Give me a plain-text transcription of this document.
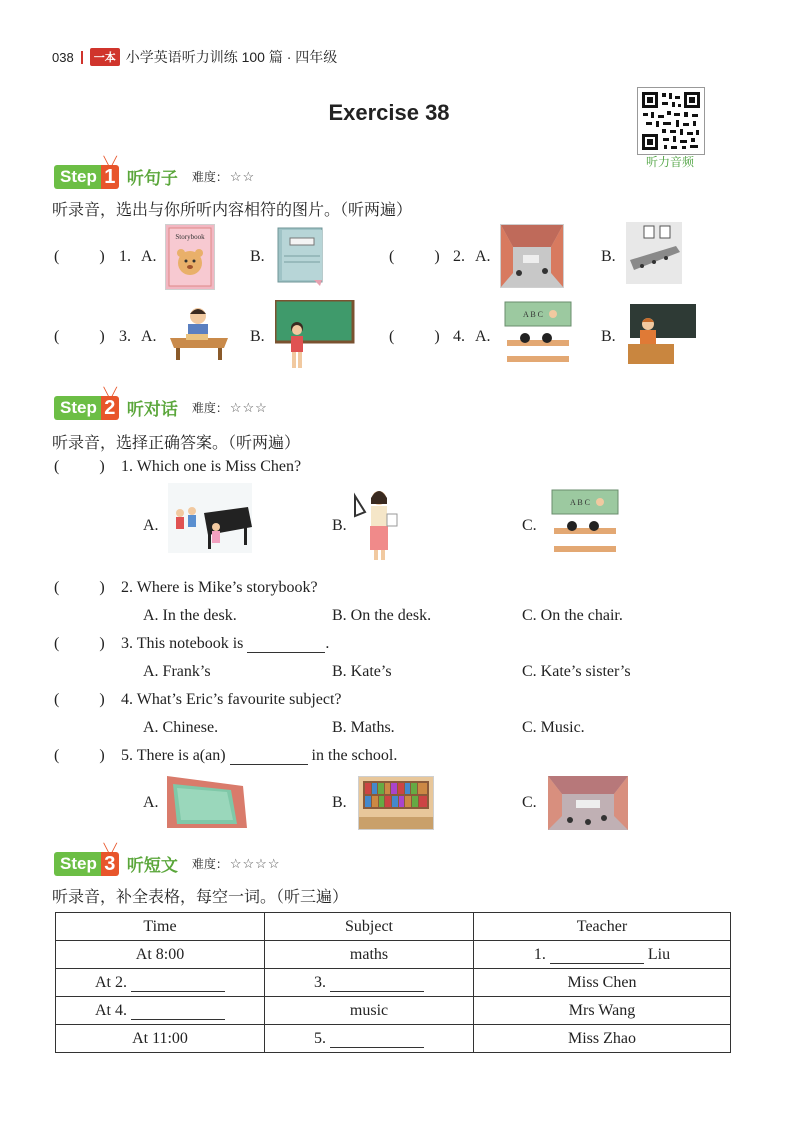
038	一本 小学英语听力训练 100 篇 · 四年级
Exercise 38
听力音频
Step 1
╲╱
听句子 难度： ☆☆
听录音，选出与你所听内容相符的图片。（听两遍）
(	) 1. A.
Storybook
B.	(	) 2. A.	B.
(	) 3. A.	B.	(	) 4. A.
A B C
B.
Step 2
╲╱
听对话 难度： ☆☆☆
听录音，选择正确答案。（听两遍）
(	) 1. Which one is Miss Chen?
A.	B.	C.
A B C
(	) 2. Where is Mike’s storybook?
A. In the desk.	B. On the desk.	C. On the chair.
(	) 3. This notebook is	.
A. Frank’s	B. Kate’s	C. Kate’s sister’s
(	) 4. What’s Eric’s favourite subject?
A. Chinese.	B. Maths.	C. Music.
(	) 5. There is a(an)	in the school.
A.	B.	C.
Step 3
╲╱
听短文 难度： ☆☆☆☆
听录音，补全表格，每空一词。（听三遍）
Time	Subject	Teacher
At 8:00	maths	1. Liu
At 2.	3.	Miss Chen
At 4.	music	Mrs Wang
At 11:00	5.	Miss Zhao
